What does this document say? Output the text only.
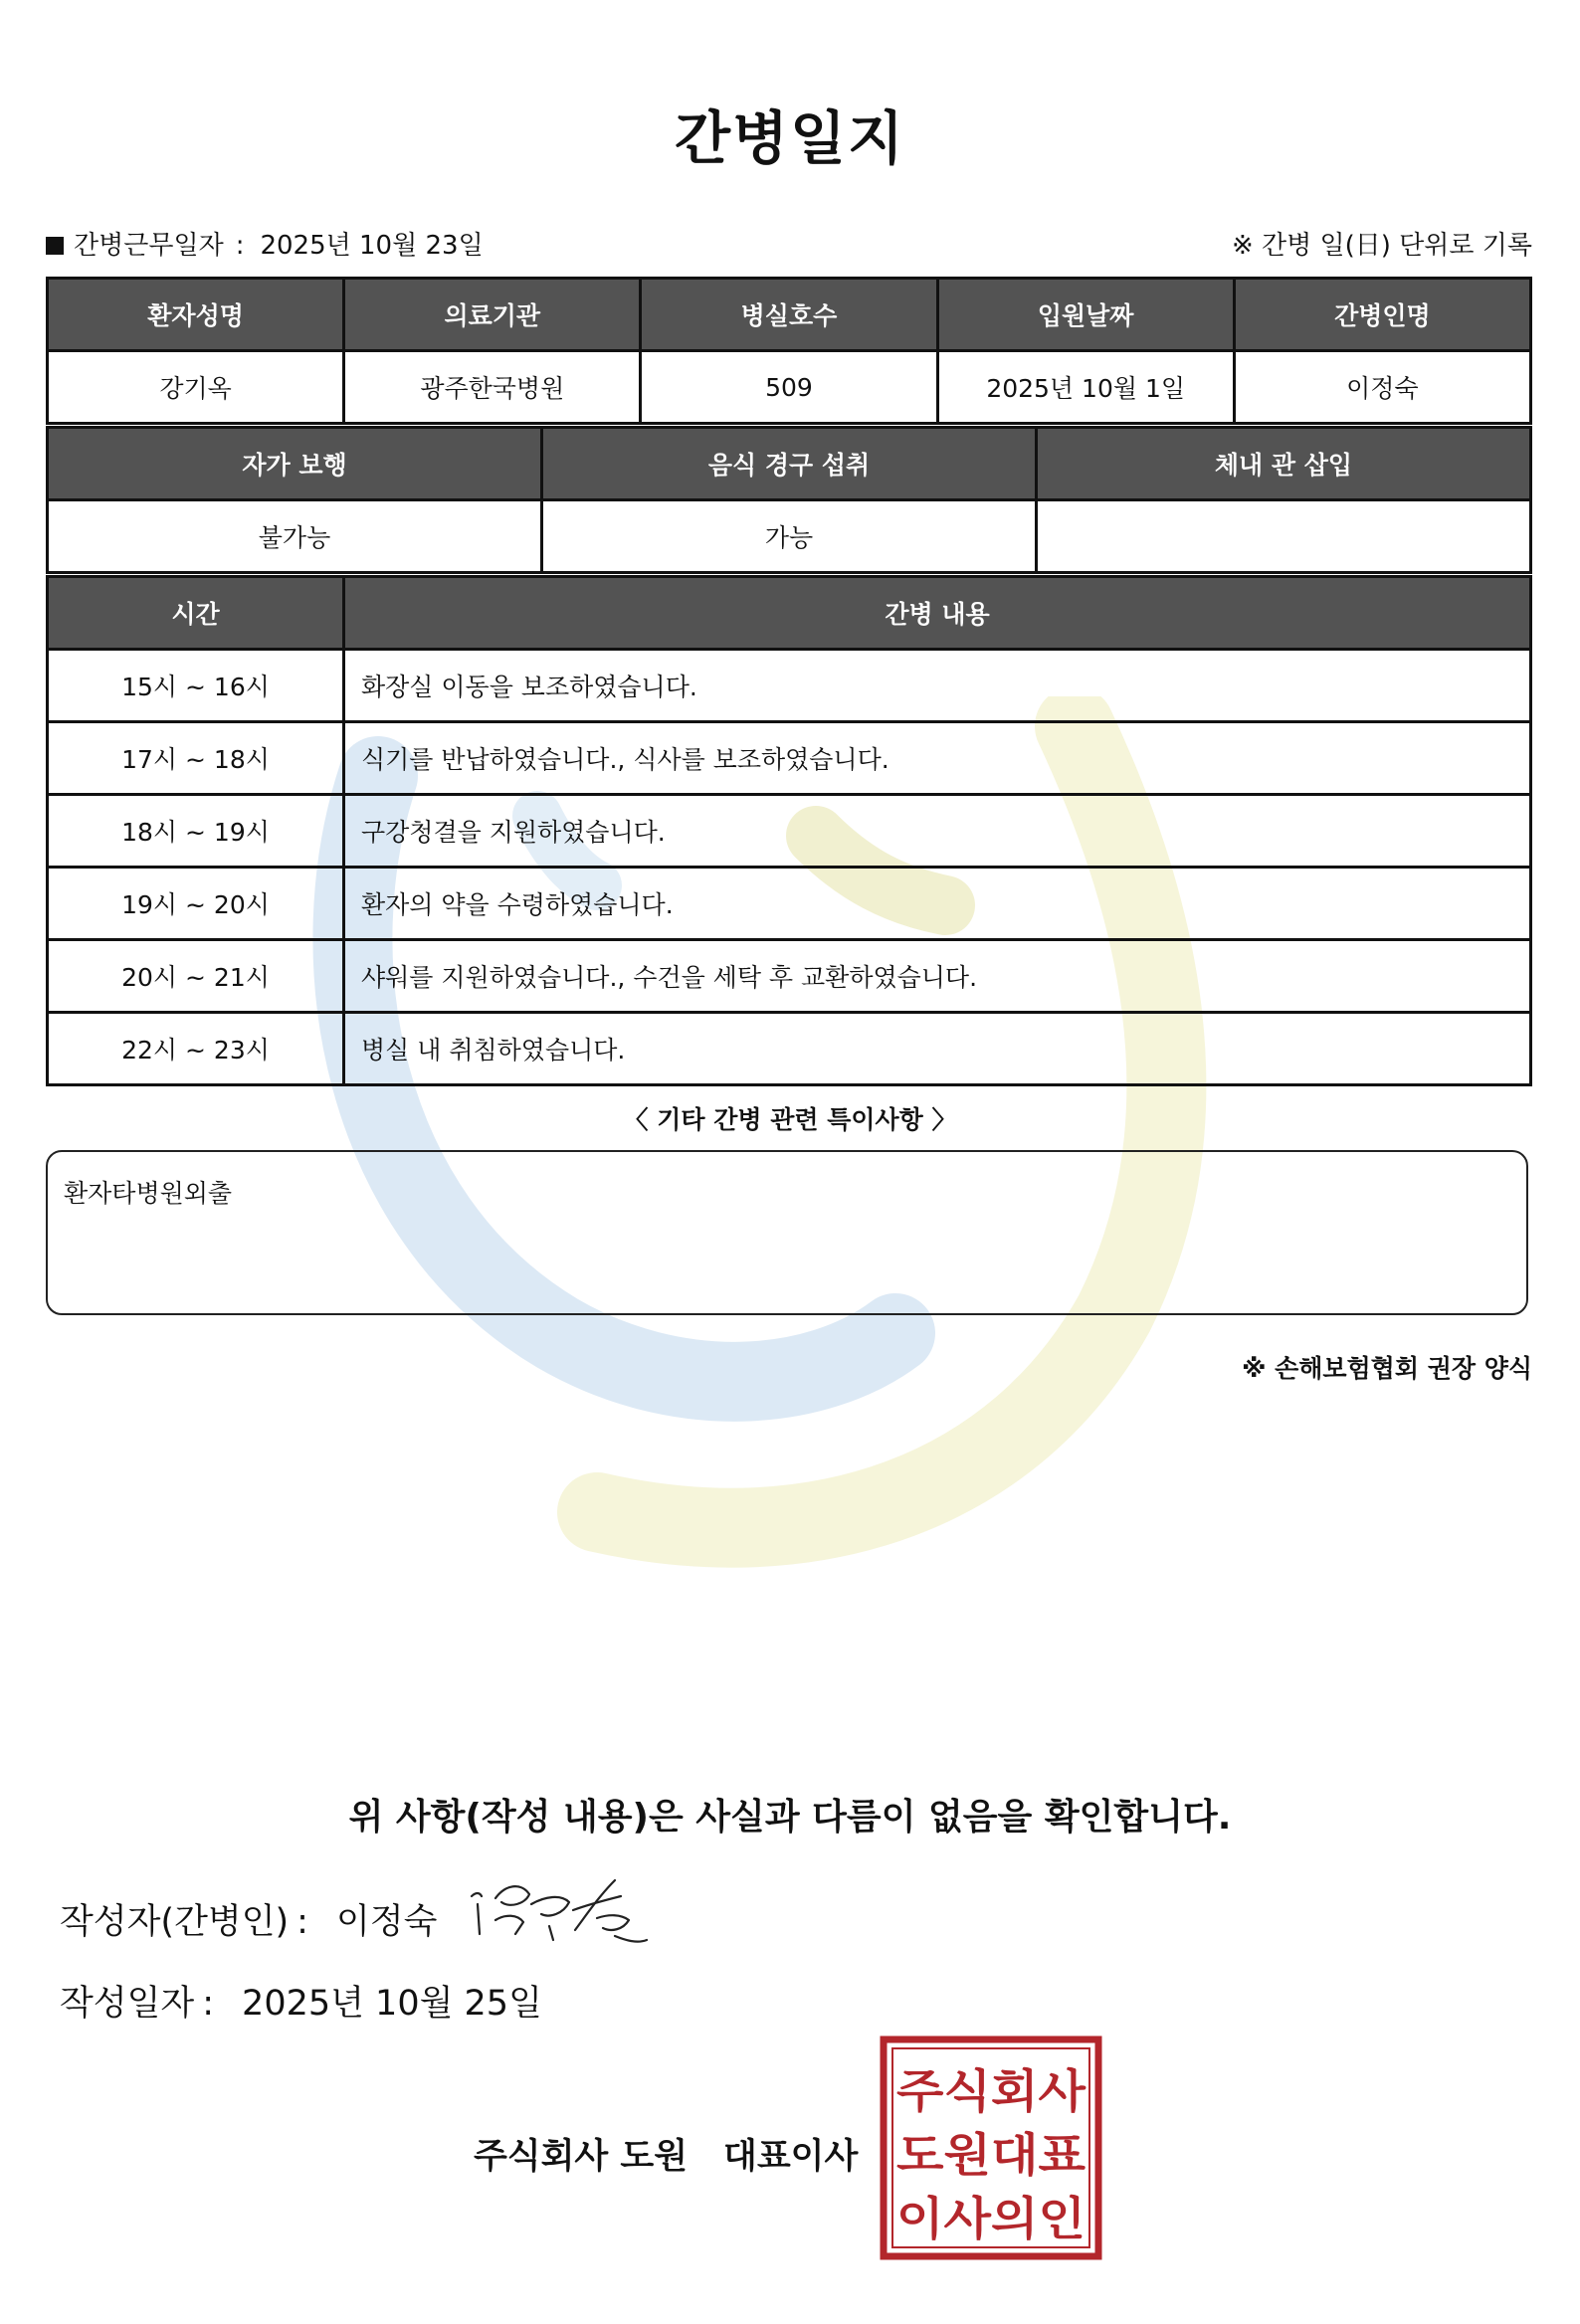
간병일지
간병근무일자 : 2025년 10월 23일	※ 간병 일(日) 단위로 기록
환자성명	의료기관	병실호수	입원날짜	간병인명
강기옥	광주한국병원	509	2025년 10월 1일	이정숙
자가 보행	음식 경구 섭취	체내 관 삽입
불가능	가능	
시간	간병 내용
15시 ~ 16시	화장실 이동을 보조하였습니다.
17시 ~ 18시	식기를 반납하였습니다., 식사를 보조하였습니다.
18시 ~ 19시	구강청결을 지원하였습니다.
19시 ~ 20시	환자의 약을 수령하였습니다.
20시 ~ 21시	샤워를 지원하였습니다., 수건을 세탁 후 교환하였습니다.
22시 ~ 23시	병실 내 취침하였습니다.
〈 기타 간병 관련 특이사항 〉
환자타병원외출
※ 손해보험협회 권장 양식
위 사항(작성 내용)은 사실과 다름이 없음을 확인합니다.
작성자(간병인) : 이정숙
작성일자 : 2025년 10월 25일
주식회사 도원 대표이사
주식회사
도원대표
이사의인
